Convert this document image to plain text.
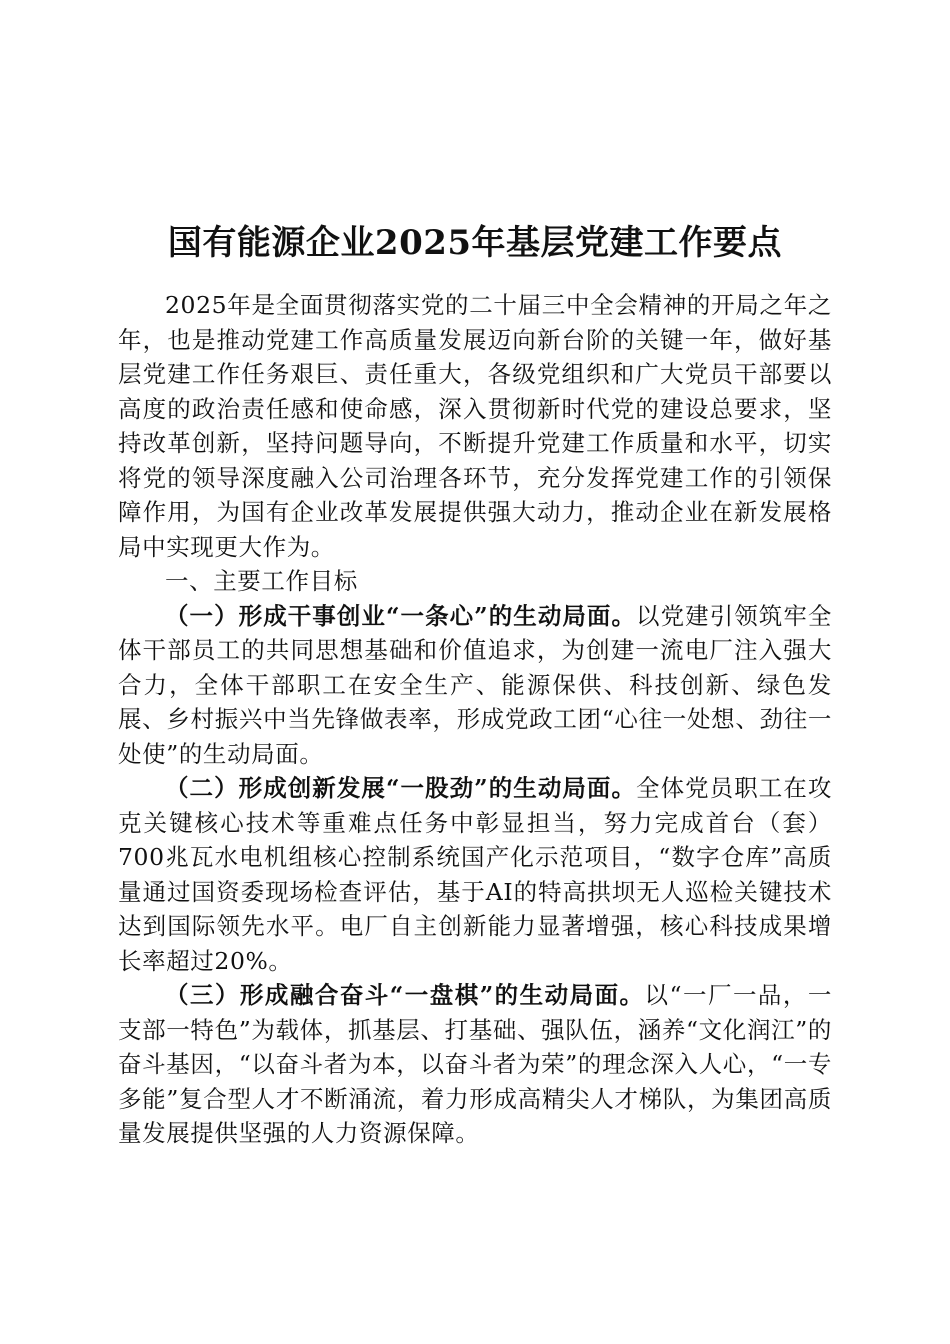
国有能源企业2025年基层党建工作要点

2025年是全面贯彻落实党的二十届三中全会精神的开局之年之年，也是推动党建工作高质量发展迈向新台阶的关键一年，做好基层党建工作任务艰巨、责任重大，各级党组织和广大党员干部要以高度的政治责任感和使命感，深入贯彻新时代党的建设总要求，坚持改革创新，坚持问题导向，不断提升党建工作质量和水平，切实将党的领导深度融入公司治理各环节，充分发挥党建工作的引领保障作用，为国有企业改革发展提供强大动力，推动企业在新发展格局中实现更大作为。

一、主要工作目标

（一）形成干事创业“一条心”的生动局面。以党建引领筑牢全体干部员工的共同思想基础和价值追求，为创建一流电厂注入强大合力，全体干部职工在安全生产、能源保供、科技创新、绿色发展、乡村振兴中当先锋做表率，形成党政工团“心往一处想、劲往一处使”的生动局面。

（二）形成创新发展“一股劲”的生动局面。全体党员职工在攻克关键核心技术等重难点任务中彰显担当，努力完成首台（套）700兆瓦水电机组核心控制系统国产化示范项目，“数字仓库”高质量通过国资委现场检查评估，基于AI的特高拱坝无人巡检关键技术达到国际领先水平。电厂自主创新能力显著增强，核心科技成果增长率超过20%。

（三）形成融合奋斗“一盘棋”的生动局面。以“一厂一品，一支部一特色”为载体，抓基层、打基础、强队伍，涵养“文化润江”的奋斗基因，“以奋斗者为本，以奋斗者为荣”的理念深入人心，“一专多能”复合型人才不断涌流，着力形成高精尖人才梯队，为集团高质量发展提供坚强的人力资源保障。
